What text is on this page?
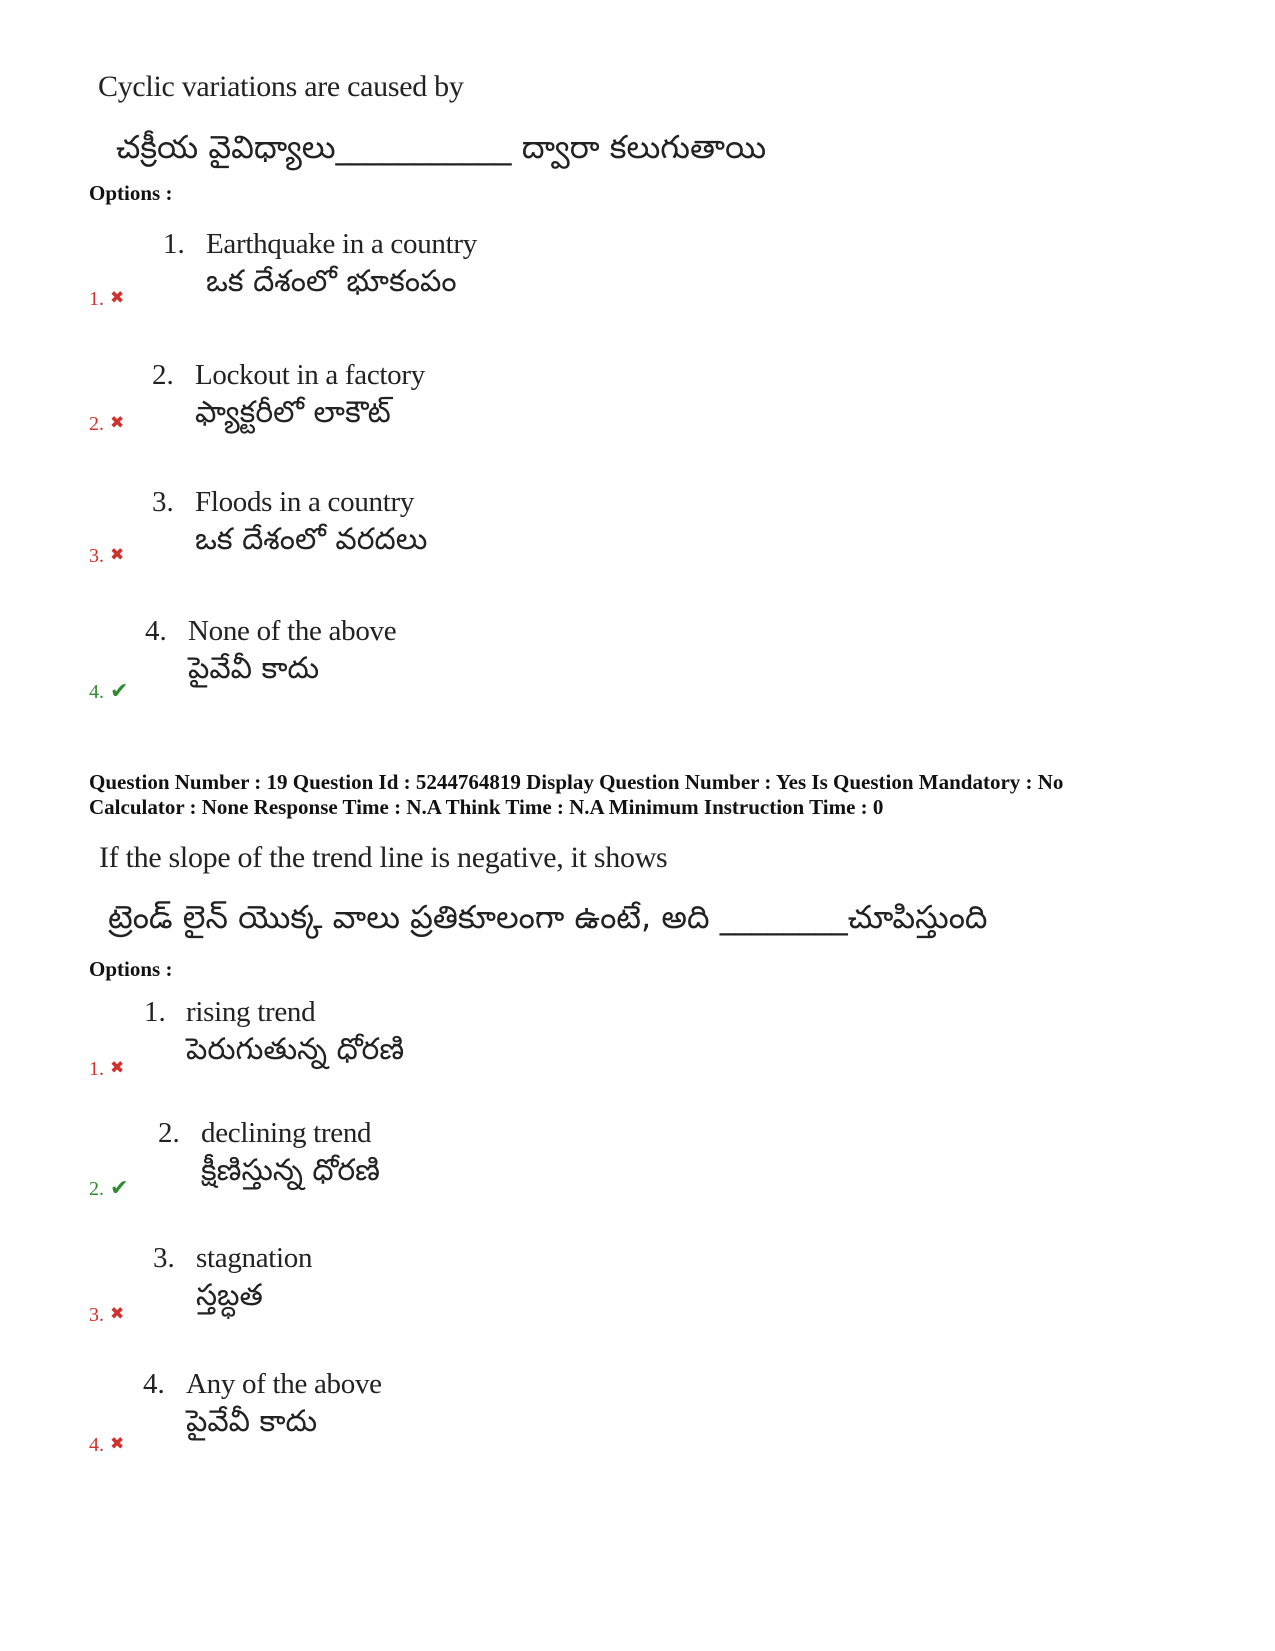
Cyclic variations are caused by
చక్రీయ వైవిధ్యాలు___________ ద్వారా కలుగుతాయి
Options :
1. Earthquake in a country
ఒక దేశంలో భూకంపం
1. ✖
2. Lockout in a factory
ఫ్యాక్టరీలో లాకౌట్
2. ✖
3. Floods in a country
ఒక దేశంలో వరదలు
3. ✖
4. None of the above
పైవేవీ కాదు
4. ✔
Question Number : 19 Question Id : 5244764819 Display Question Number : Yes Is Question Mandatory : No
Calculator : None Response Time : N.A Think Time : N.A Minimum Instruction Time : 0
If the slope of the trend line is negative, it shows
ట్రెండ్ లైన్ యొక్క వాలు ప్రతికూలంగా ఉంటే, అది ________చూపిస్తుంది
Options :
1. rising trend
పెరుగుతున్న ధోరణి
1. ✖
2. declining trend
క్షీణిస్తున్న ధోరణి
2. ✔
3. stagnation
స్తబ్ధత
3. ✖
4. Any of the above
పైవేవీ కాదు
4. ✖
